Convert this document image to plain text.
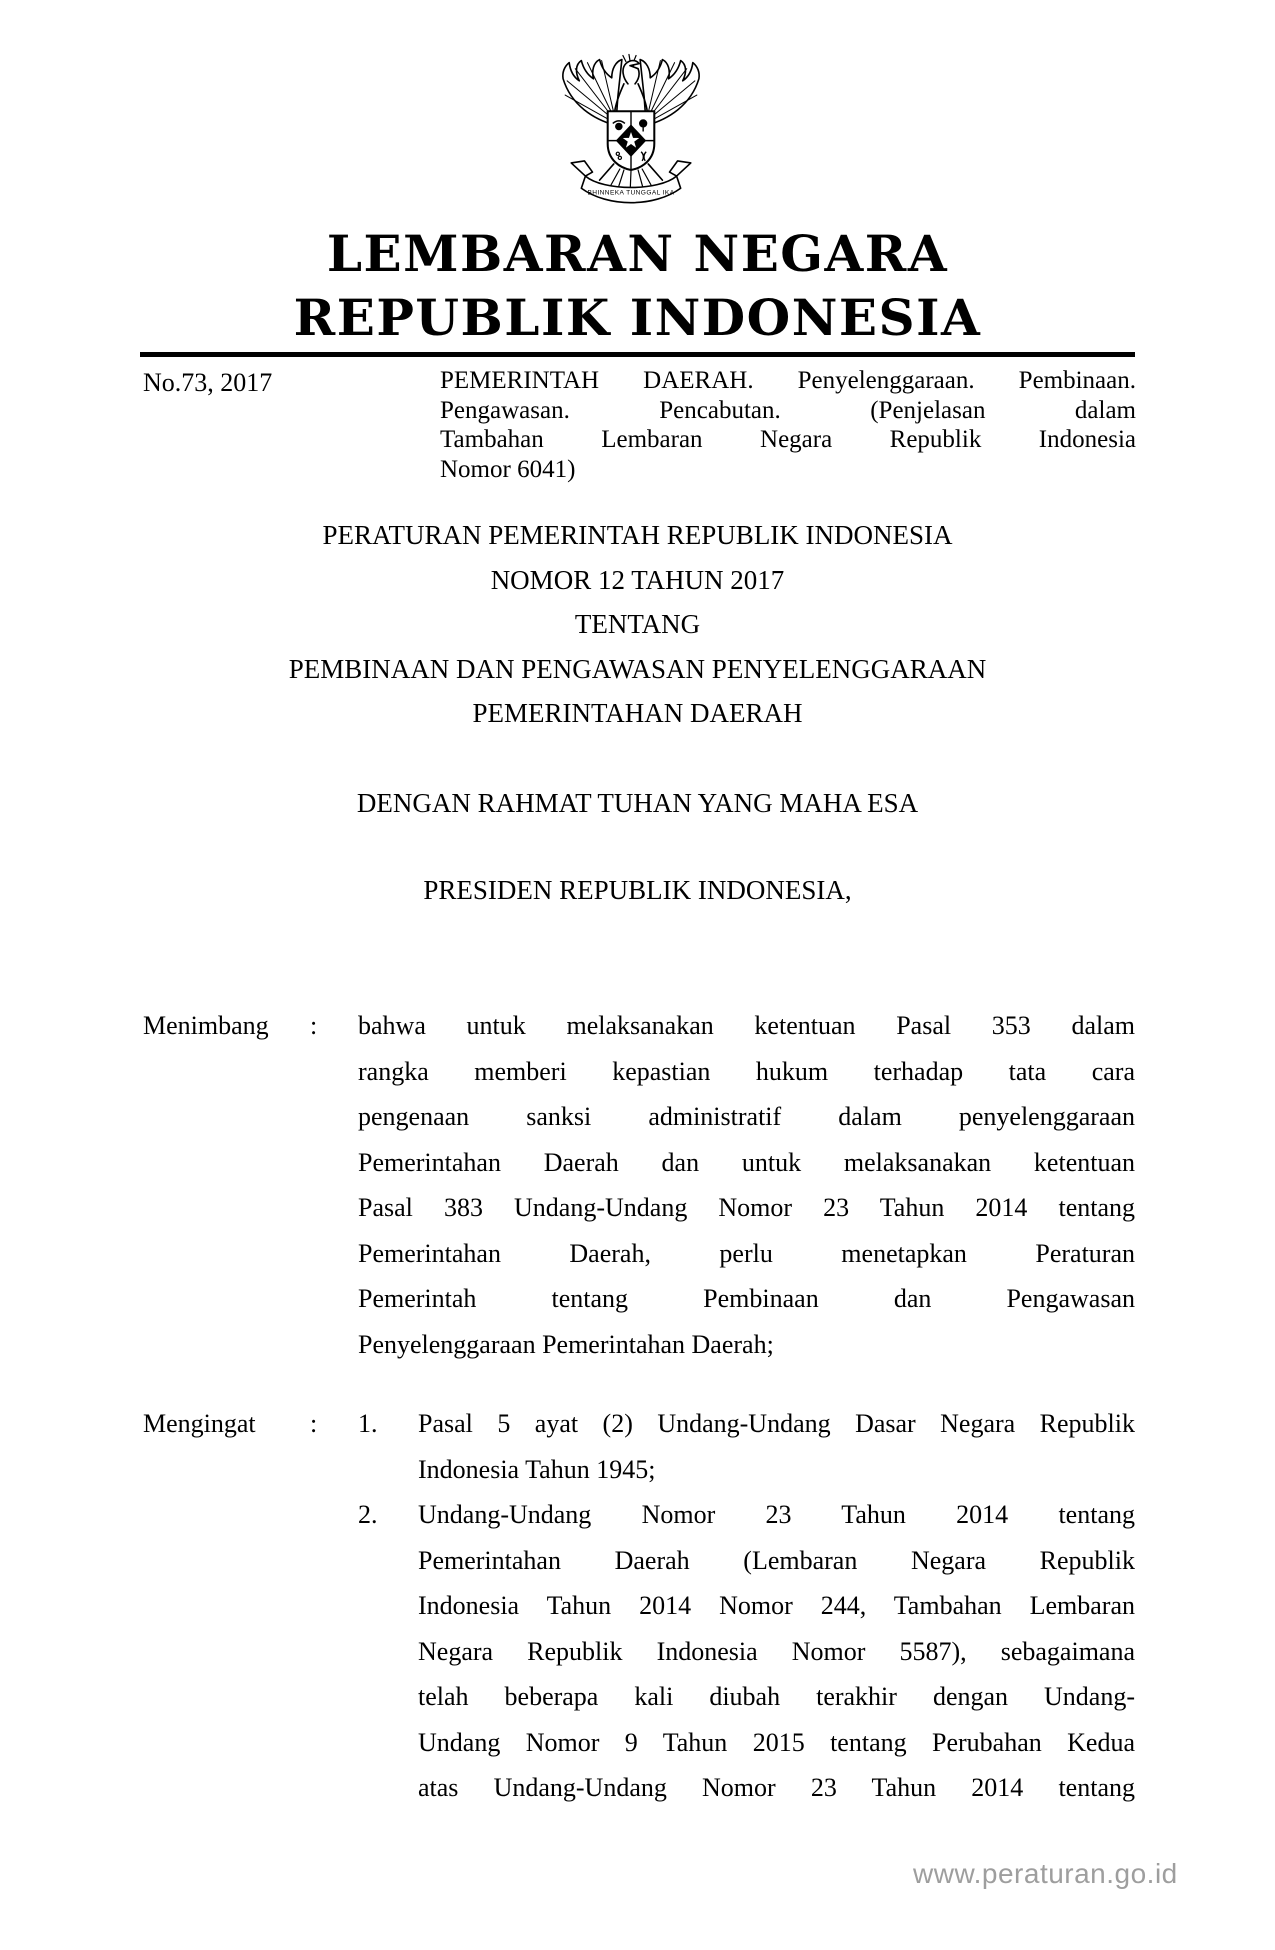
BHINNEKA TUNGGAL IKA
LEMBARAN NEGARA
REPUBLIK INDONESIA
No.73, 2017	PEMERINTAH DAERAH. Penyelenggaraan. Pembinaan.
Pengawasan. Pencabutan. (Penjelasan dalam
Tambahan Lembaran Negara Republik Indonesia
Nomor 6041)
PERATURAN PEMERINTAH REPUBLIK INDONESIA
NOMOR 12 TAHUN 2017
TENTANG
PEMBINAAN DAN PENGAWASAN PENYELENGGARAAN
PEMERINTAHAN DAERAH
DENGAN RAHMAT TUHAN YANG MAHA ESA
PRESIDEN REPUBLIK INDONESIA,
Menimbang : bahwa untuk melaksanakan ketentuan Pasal 353 dalam
rangka memberi kepastian hukum terhadap tata cara
pengenaan sanksi administratif dalam penyelenggaraan
Pemerintahan Daerah dan untuk melaksanakan ketentuan
Pasal 383 Undang-Undang Nomor 23 Tahun 2014 tentang
Pemerintahan Daerah, perlu menetapkan Peraturan
Pemerintah tentang Pembinaan dan Pengawasan
Penyelenggaraan Pemerintahan Daerah;
Mengingat : 1. Pasal 5 ayat (2) Undang-Undang Dasar Negara Republik
Indonesia Tahun 1945;
2. Undang-Undang Nomor 23 Tahun 2014 tentang
Pemerintahan Daerah (Lembaran Negara Republik
Indonesia Tahun 2014 Nomor 244, Tambahan Lembaran
Negara Republik Indonesia Nomor 5587), sebagaimana
telah beberapa kali diubah terakhir dengan Undang-
Undang Nomor 9 Tahun 2015 tentang Perubahan Kedua
atas Undang-Undang Nomor 23 Tahun 2014 tentang
www.peraturan.go.id
